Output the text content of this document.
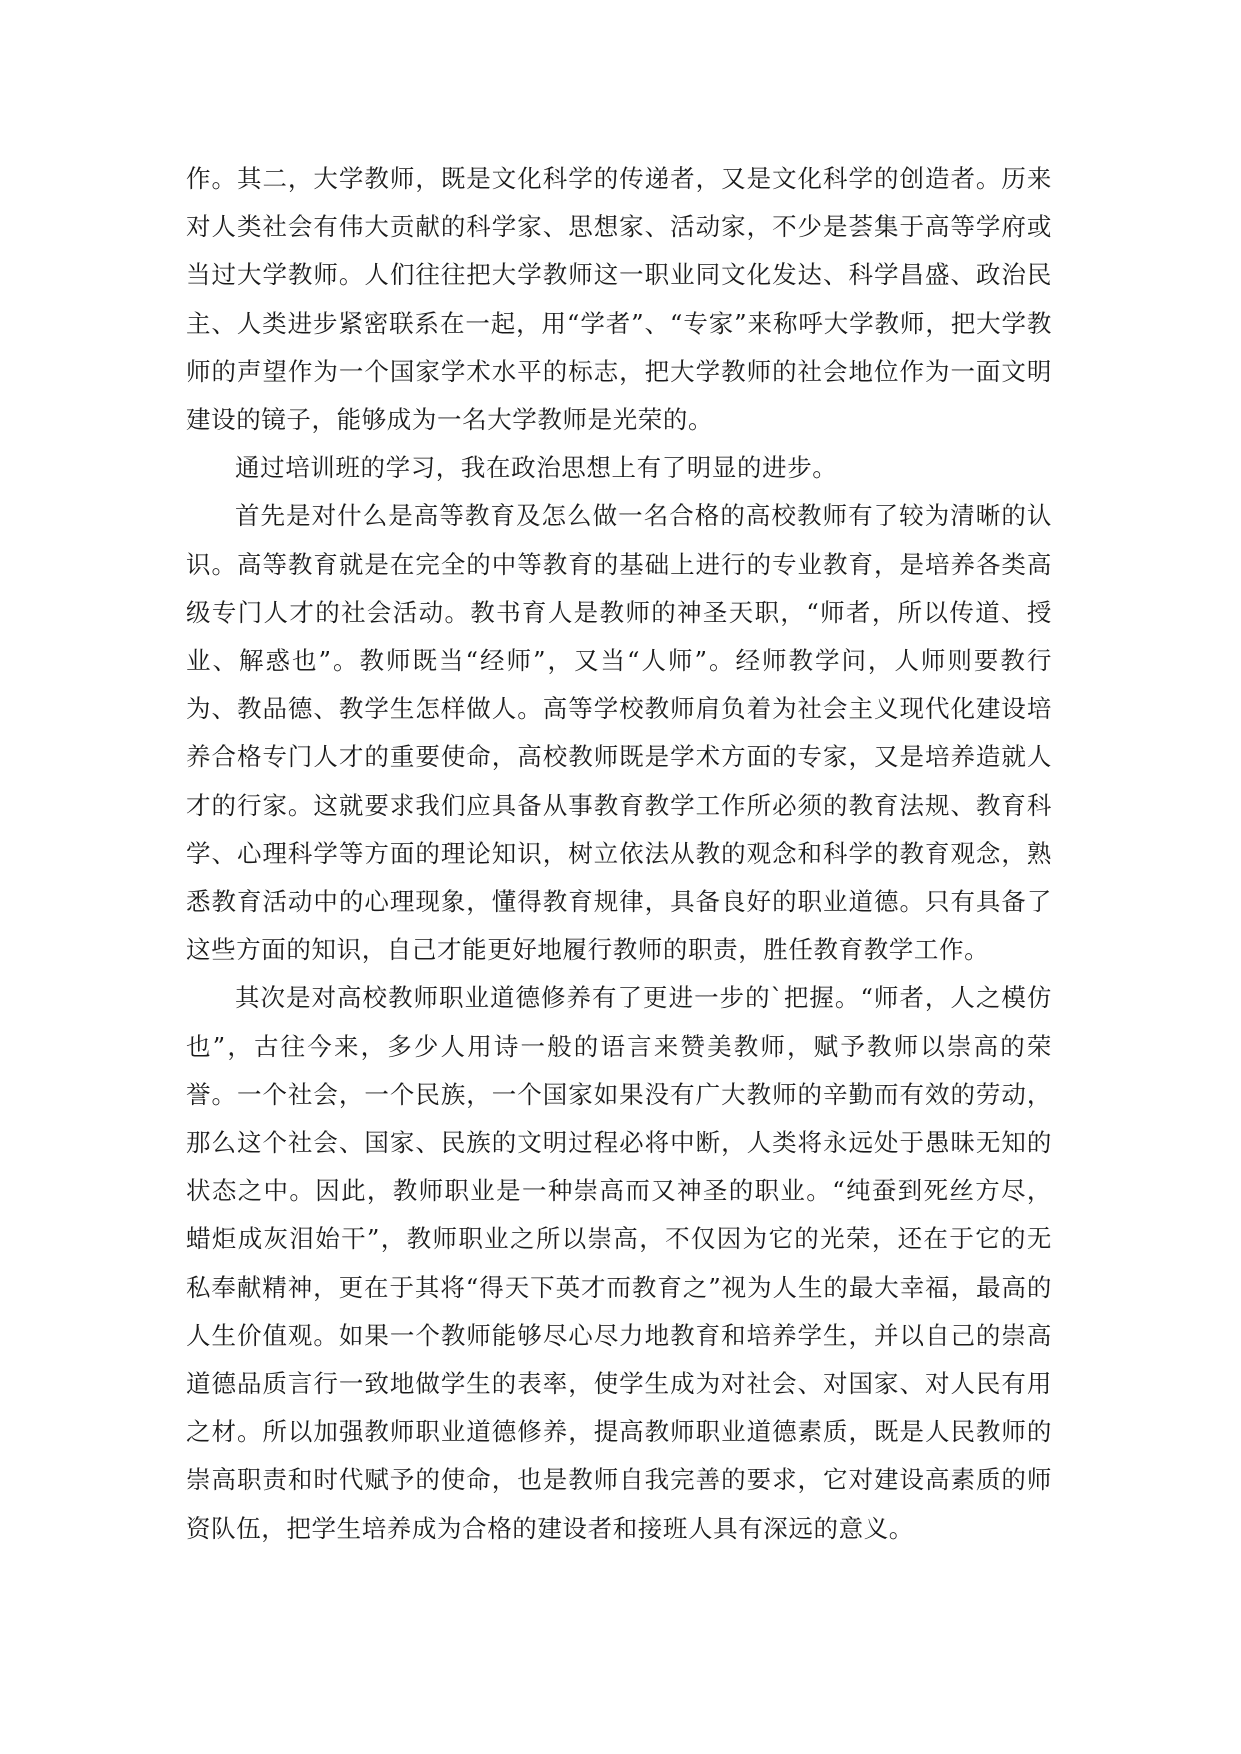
作。其二，大学教师，既是文化科学的传递者，又是文化科学的创造者。历来对人类社会有伟大贡献的科学家、思想家、活动家，不少是荟集于高等学府或当过大学教师。人们往往把大学教师这一职业同文化发达、科学昌盛、政治民主、人类进步紧密联系在一起，用“学者”、“专家”来称呼大学教师，把大学教师的声望作为一个国家学术水平的标志，把大学教师的社会地位作为一面文明建设的镜子，能够成为一名大学教师是光荣的。

通过培训班的学习，我在政治思想上有了明显的进步。

首先是对什么是高等教育及怎么做一名合格的高校教师有了较为清晰的认识。高等教育就是在完全的中等教育的基础上进行的专业教育，是培养各类高级专门人才的社会活动。教书育人是教师的神圣天职，“师者，所以传道、授业、解惑也”。教师既当“经师”，又当“人师”。经师教学问，人师则要教行为、教品德、教学生怎样做人。高等学校教师肩负着为社会主义现代化建设培养合格专门人才的重要使命，高校教师既是学术方面的专家，又是培养造就人才的行家。这就要求我们应具备从事教育教学工作所必须的教育法规、教育科学、心理科学等方面的理论知识，树立依法从教的观念和科学的教育观念，熟悉教育活动中的心理现象，懂得教育规律，具备良好的职业道德。只有具备了这些方面的知识，自己才能更好地履行教师的职责，胜任教育教学工作。

其次是对高校教师职业道德修养有了更进一步的`把握。“师者，人之模仿也”，古往今来，多少人用诗一般的语言来赞美教师，赋予教师以崇高的荣誉。一个社会，一个民族，一个国家如果没有广大教师的辛勤而有效的劳动，那么这个社会、国家、民族的文明过程必将中断，人类将永远处于愚昧无知的状态之中。因此，教师职业是一种崇高而又神圣的职业。“纯蚕到死丝方尽，蜡炬成灰泪始干”，教师职业之所以崇高，不仅因为它的光荣，还在于它的无私奉献精神，更在于其将“得天下英才而教育之”视为人生的最大幸福，最高的人生价值观。如果一个教师能够尽心尽力地教育和培养学生，并以自己的崇高道德品质言行一致地做学生的表率，使学生成为对社会、对国家、对人民有用之材。所以加强教师职业道德修养，提高教师职业道德素质，既是人民教师的崇高职责和时代赋予的使命，也是教师自我完善的要求，它对建设高素质的师资队伍，把学生培养成为合格的建设者和接班人具有深远的意义。
